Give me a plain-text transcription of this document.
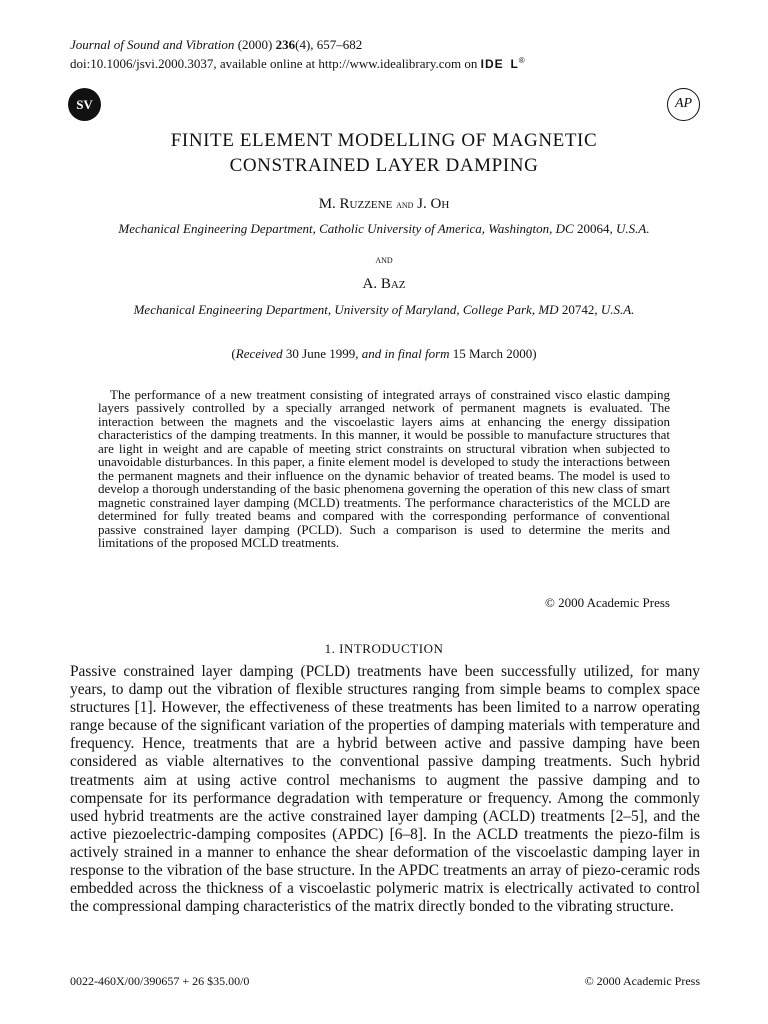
Journal of Sound and Vibration (2000) 236(4), 657–682
doi:10.1006/jsvi.2000.3037, available online at http://www.idealibrary.com on IDE  L®
SV	AP
FINITE ELEMENT MODELLING OF MAGNETIC
CONSTRAINED LAYER DAMPING
M. Ruzzene and J. Oh
Mechanical Engineering Department, Catholic University of America, Washington, DC 20064, U.S.A.
and
A. Baz
Mechanical Engineering Department, University of Maryland, College Park, MD 20742, U.S.A.
(Received 30 June 1999, and in final form 15 March 2000)

The performance of a new treatment consisting of integrated arrays of constrained visco elastic damping layers passively controlled by a specially arranged network of permanent magnets is evaluated. The interaction between the magnets and the viscoelastic layers aims at enhancing the energy dissipation characteristics of the damping treatments. In this manner, it would be possible to manufacture structures that are light in weight and are capable of meeting strict constraints on structural vibration when subjected to unavoidable disturbances. In this paper, a finite element model is developed to study the interactions between the permanent magnets and their influence on the dynamic behavior of treated beams. The model is used to develop a thorough understanding of the basic phenomena governing the operation of this new class of smart magnetic constrained layer damping (MCLD) treatments. The performance characteristics of the MCLD are determined for fully treated beams and compared with the corresponding performance of conventional passive constrained layer damping (PCLD). Such a comparison is used to determine the merits and limitations of the proposed MCLD treatments.

© 2000 Academic Press
1. INTRODUCTION

Passive constrained layer damping (PCLD) treatments have been successfully utilized, for many years, to damp out the vibration of flexible structures ranging from simple beams to complex space structures [1]. However, the effectiveness of these treatments has been limited to a narrow operating range because of the significant variation of the properties of damping materials with temperature and frequency. Hence, treatments that are a hybrid between active and passive damping have been considered as viable alternatives to the conventional passive damping treatments. Such hybrid treatments aim at using active control mechanisms to augment the passive damping and to compensate for its performance degradation with temperature or frequency. Among the commonly used hybrid treatments are the active constrained layer damping (ACLD) treatments [2–5], and the active piezoelectric-damping composites (APDC) [6–8]. In the ACLD treatments the piezo-film is actively strained in a manner to enhance the shear deformation of the viscoelastic damping layer in response to the vibration of the base structure. In the APDC treatments an array of piezo-ceramic rods embedded across the thickness of a viscoelastic polymeric matrix is electrically activated to control the compressional damping characteristics of the matrix directly bonded to the vibrating structure.

0022-460X/00/390657 + 26 $35.00/0	© 2000 Academic Press
